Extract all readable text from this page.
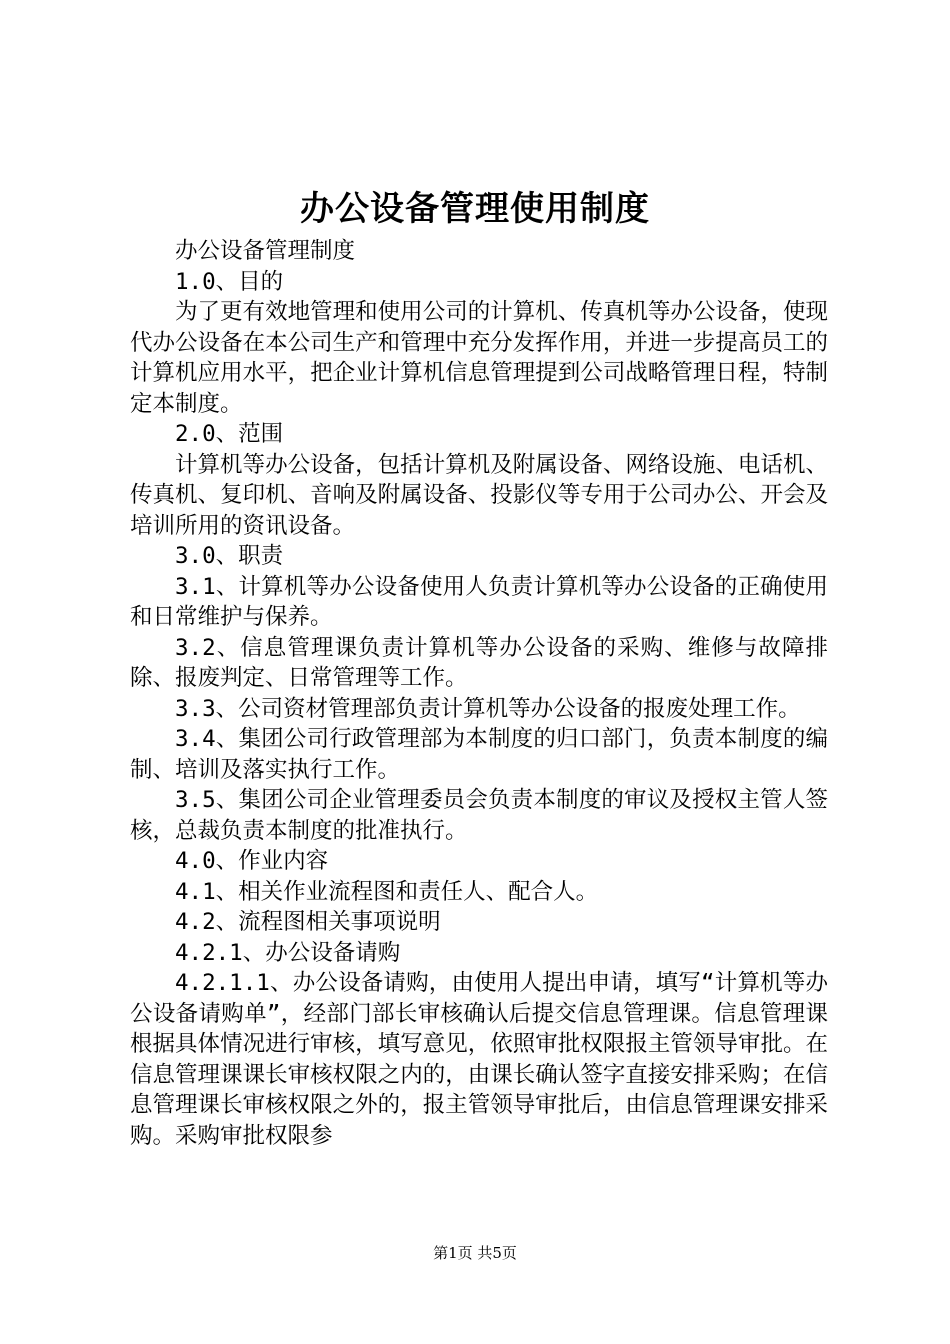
办公设备管理使用制度

办公设备管理制度

1.0、目的

为了更有效地管理和使用公司的计算机、传真机等办公设备，使现代办公设备在本公司生产和管理中充分发挥作用，并进一步提高员工的计算机应用水平，把企业计算机信息管理提到公司战略管理日程，特制定本制度。

2.0、范围

计算机等办公设备，包括计算机及附属设备、网络设施、电话机、传真机、复印机、音响及附属设备、投影仪等专用于公司办公、开会及培训所用的资讯设备。

3.0、职责

3.1、计算机等办公设备使用人负责计算机等办公设备的正确使用和日常维护与保养。

3.2、信息管理课负责计算机等办公设备的采购、维修与故障排除、报废判定、日常管理等工作。

3.3、公司资材管理部负责计算机等办公设备的报废处理工作。

3.4、集团公司行政管理部为本制度的归口部门，负责本制度的编制、培训及落实执行工作。

3.5、集团公司企业管理委员会负责本制度的审议及授权主管人签核，总裁负责本制度的批准执行。

4.0、作业内容

4.1、相关作业流程图和责任人、配合人。

4.2、流程图相关事项说明

4.2.1、办公设备请购

4.2.1.1、办公设备请购，由使用人提出申请，填写“计算机等办公设备请购单”，经部门部长审核确认后提交信息管理课。信息管理课根据具体情况进行审核，填写意见，依照审批权限报主管领导审批。在信息管理课课长审核权限之内的，由课长确认签字直接安排采购；在信息管理课长审核权限之外的，报主管领导审批后，由信息管理课安排采购。采购审批权限参

第1页 共5页
